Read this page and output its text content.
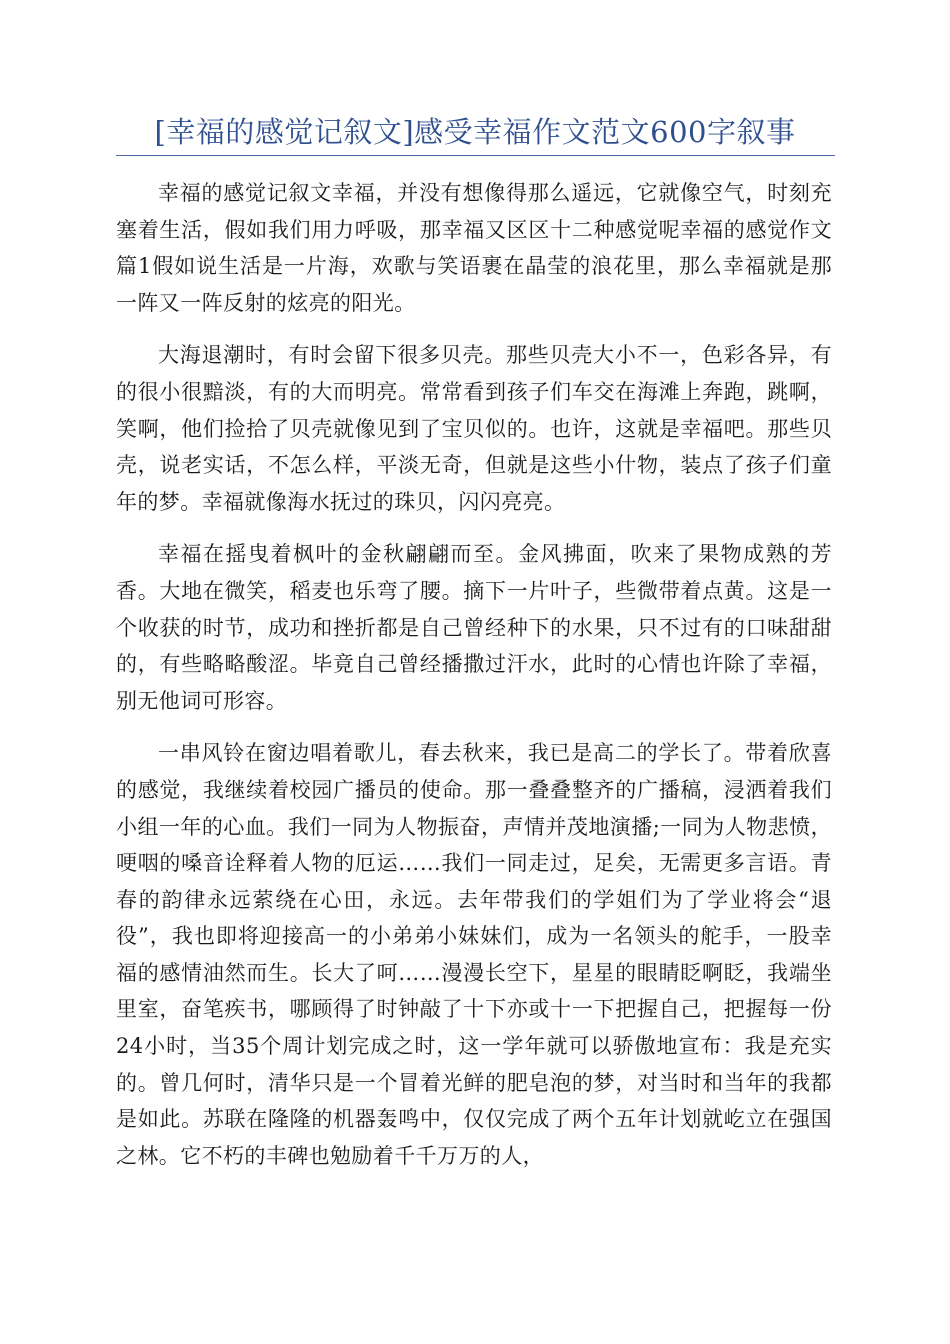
[幸福的感觉记叙文]感受幸福作文范文600字叙事

幸福的感觉记叙文幸福，并没有想像得那么遥远，它就像空气，时刻充塞着生活，假如我们用力呼吸，那幸福又区区十二种感觉呢幸福的感觉作文篇1假如说生活是一片海，欢歌与笑语裹在晶莹的浪花里，那么幸福就是那一阵又一阵反射的炫亮的阳光。

大海退潮时，有时会留下很多贝壳。那些贝壳大小不一，色彩各异，有的很小很黯淡，有的大而明亮。常常看到孩子们车交在海滩上奔跑，跳啊，笑啊，他们捡拾了贝壳就像见到了宝贝似的。也许，这就是幸福吧。那些贝壳，说老实话，不怎么样，平淡无奇，但就是这些小什物，装点了孩子们童年的梦。幸福就像海水抚过的珠贝，闪闪亮亮。

幸福在摇曳着枫叶的金秋翩翩而至。金风拂面，吹来了果物成熟的芳香。大地在微笑，稻麦也乐弯了腰。摘下一片叶子，些微带着点黄。这是一个收获的时节，成功和挫折都是自己曾经种下的水果，只不过有的口味甜甜的，有些略略酸涩。毕竟自己曾经播撒过汗水，此时的心情也许除了幸福，别无他词可形容。

一串风铃在窗边唱着歌儿，春去秋来，我已是高二的学长了。带着欣喜的感觉，我继续着校园广播员的使命。那一叠叠整齐的广播稿，浸洒着我们小组一年的心血。我们一同为人物振奋，声情并茂地演播;一同为人物悲愤，哽咽的嗓音诠释着人物的厄运……我们一同走过，足矣，无需更多言语。青春的韵律永远萦绕在心田，永远。去年带我们的学姐们为了学业将会“退役”，我也即将迎接高一的小弟弟小妹妹们，成为一名领头的舵手，一股幸福的感情油然而生。长大了呵……漫漫长空下，星星的眼睛眨啊眨，我端坐里室，奋笔疾书，哪顾得了时钟敲了十下亦或十一下把握自己，把握每一份24小时，当35个周计划完成之时，这一学年就可以骄傲地宣布：我是充实的。曾几何时，清华只是一个冒着光鲜的肥皂泡的梦，对当时和当年的我都是如此。苏联在隆隆的机器轰鸣中，仅仅完成了两个五年计划就屹立在强国之林。它不朽的丰碑也勉励着千千万万的人，
